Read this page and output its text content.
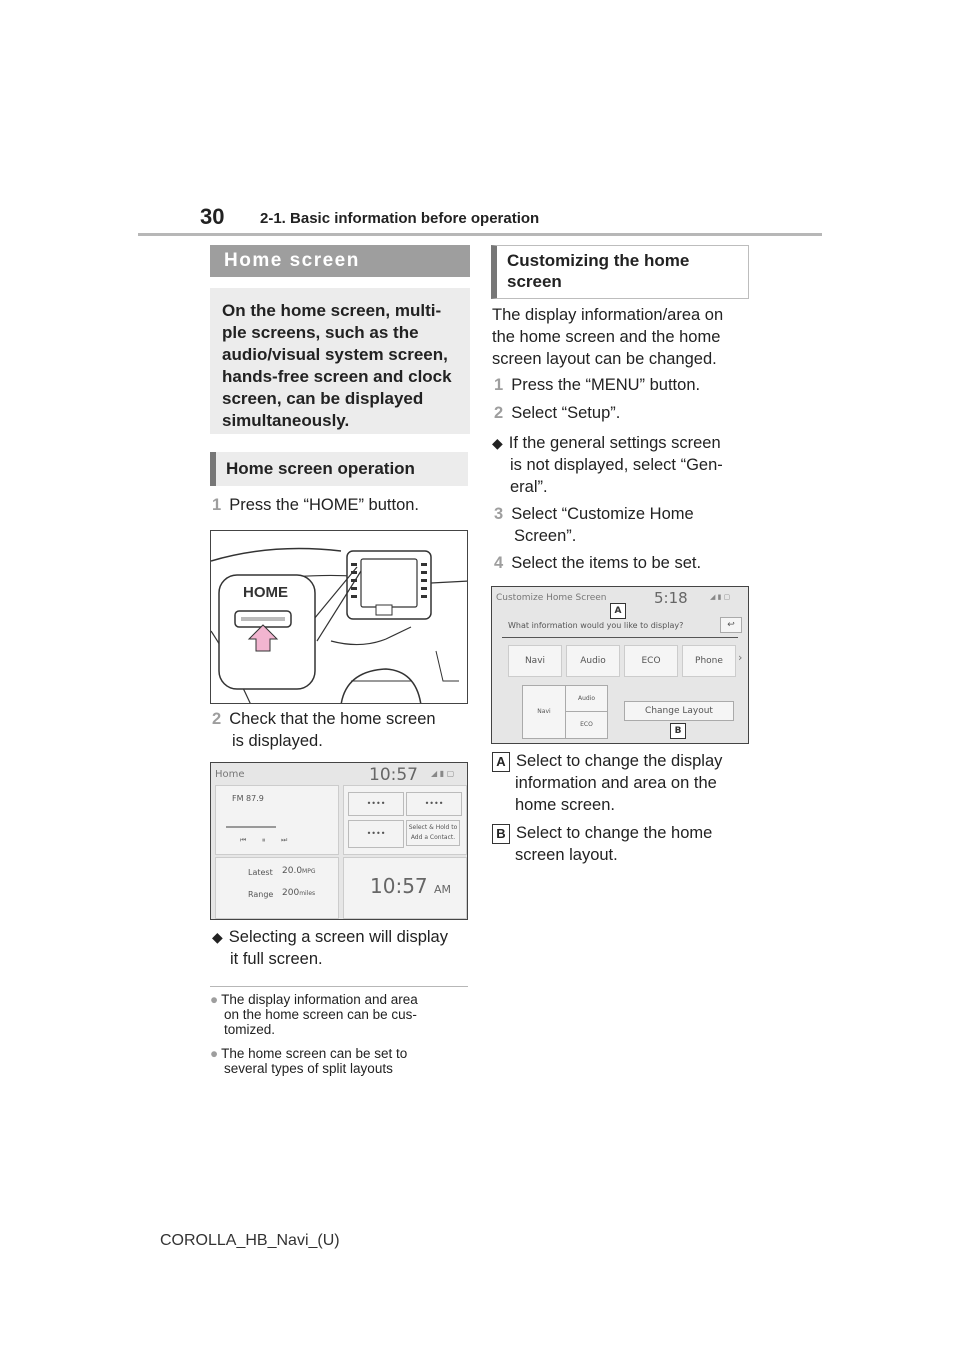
30 2-1. Basic information before operation
Home screen
On the home screen, multi-
ple screens, such as the
audio/visual system screen,
hands-free screen and clock
screen, can be displayed
simultaneously.
Home screen operation
1 Press the “HOME” button.
HOME
2 Check that the home screen
is displayed.
Home	10:57 ◢ ▮ ▢
FM 87.9
⏮       ⏸       ⏭
Latest 20.0MPG
Range 200miles
••••	••••
••••
Select & Hold to
Add a Contact.
10:57 AM
◆ Selecting a screen will display
it full screen.
● The display information and area
on the home screen can be cus-
tomized.
● The home screen can be set to
several types of split layouts
Customizing the home
screen
The display information/area on
the home screen and the home
screen layout can be changed.
1 Press the “MENU” button.
2 Select “Setup”.
◆ If the general settings screen
is not displayed, select “Gen-
eral”.
3 Select “Customize Home
Screen”.
4 Select the items to be set.
Customize Home Screen	5:18	◢ ▮ ▢
A
What information would you like to display?	↩
Navi	Audio	ECO	Phone	›
Navi
Audio
ECO
Change Layout
B
A Select to change the display
information and area on the
home screen.
B Select to change the home
screen layout.
COROLLA_HB_Navi_(U)
